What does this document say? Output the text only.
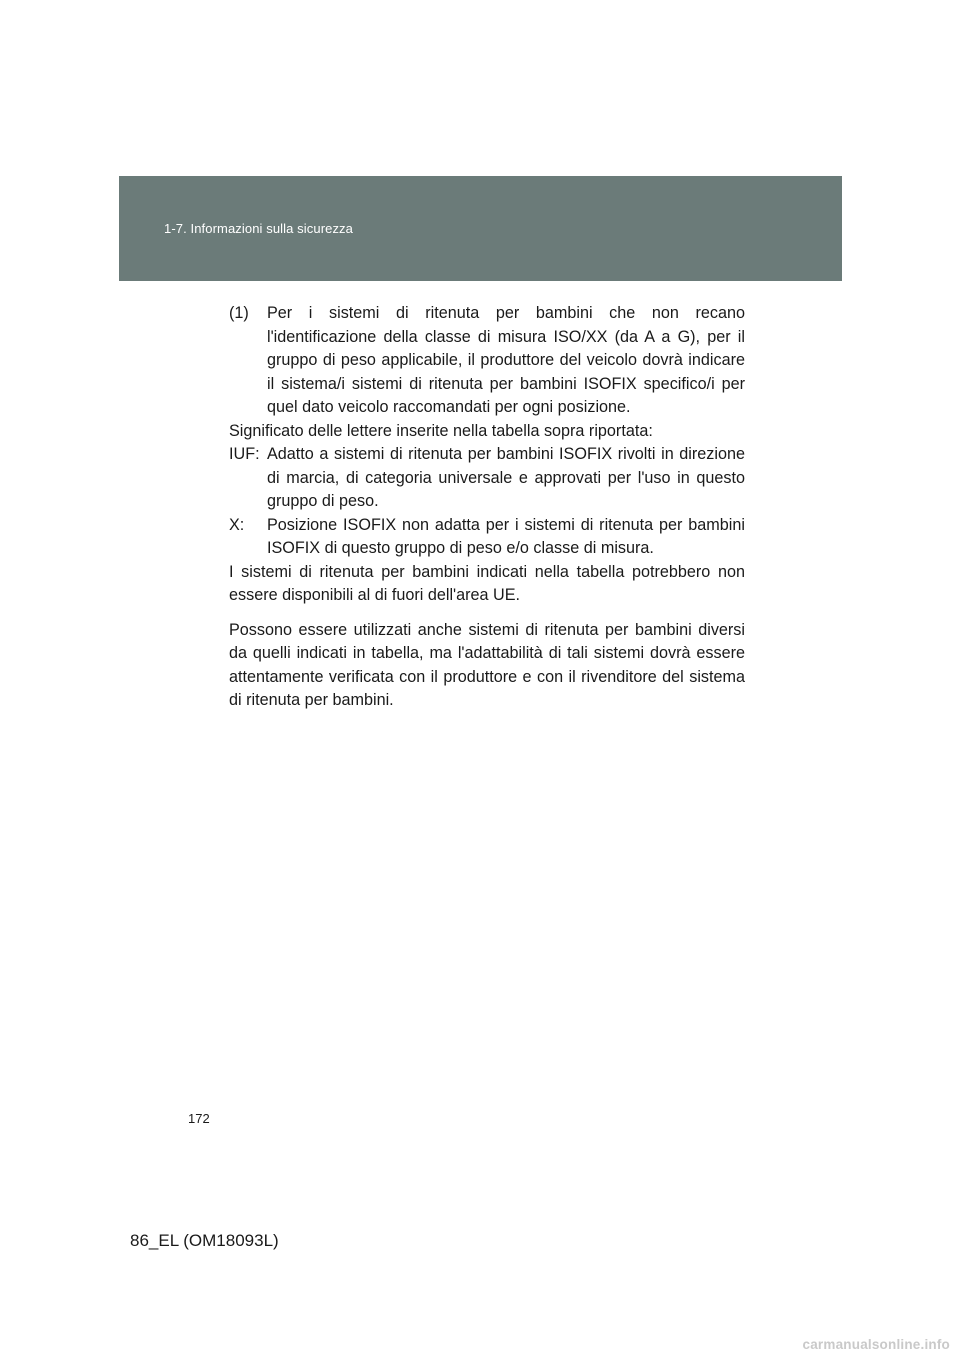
1-7. Informazioni sulla sicurezza
(1)	Per i sistemi di ritenuta per bambini che non recano l'identificazione della classe di misura ISO/XX (da A a G), per il gruppo di peso applicabile, il produttore del veicolo dovrà indicare il sistema/i sistemi di ritenuta per bambini ISOFIX specifico/i per quel dato veicolo raccomandati per ogni posizione.

Significato delle lettere inserite nella tabella sopra riportata:

IUF: Adatto a sistemi di ritenuta per bambini ISOFIX rivolti in direzione di marcia, di categoria universale e approvati per l'uso in questo gruppo di peso.
X:	Posizione ISOFIX non adatta per i sistemi di ritenuta per bambini ISOFIX di questo gruppo di peso e/o classe di misura.

I sistemi di ritenuta per bambini indicati nella tabella potrebbero non essere disponibili al di fuori dell'area UE.

Possono essere utilizzati anche sistemi di ritenuta per bambini diversi da quelli indicati in tabella, ma l'adattabilità di tali sistemi dovrà essere attentamente verificata con il produttore e con il rivenditore del sistema di ritenuta per bambini.

172
86_EL (OM18093L)
carmanualsonline.info
